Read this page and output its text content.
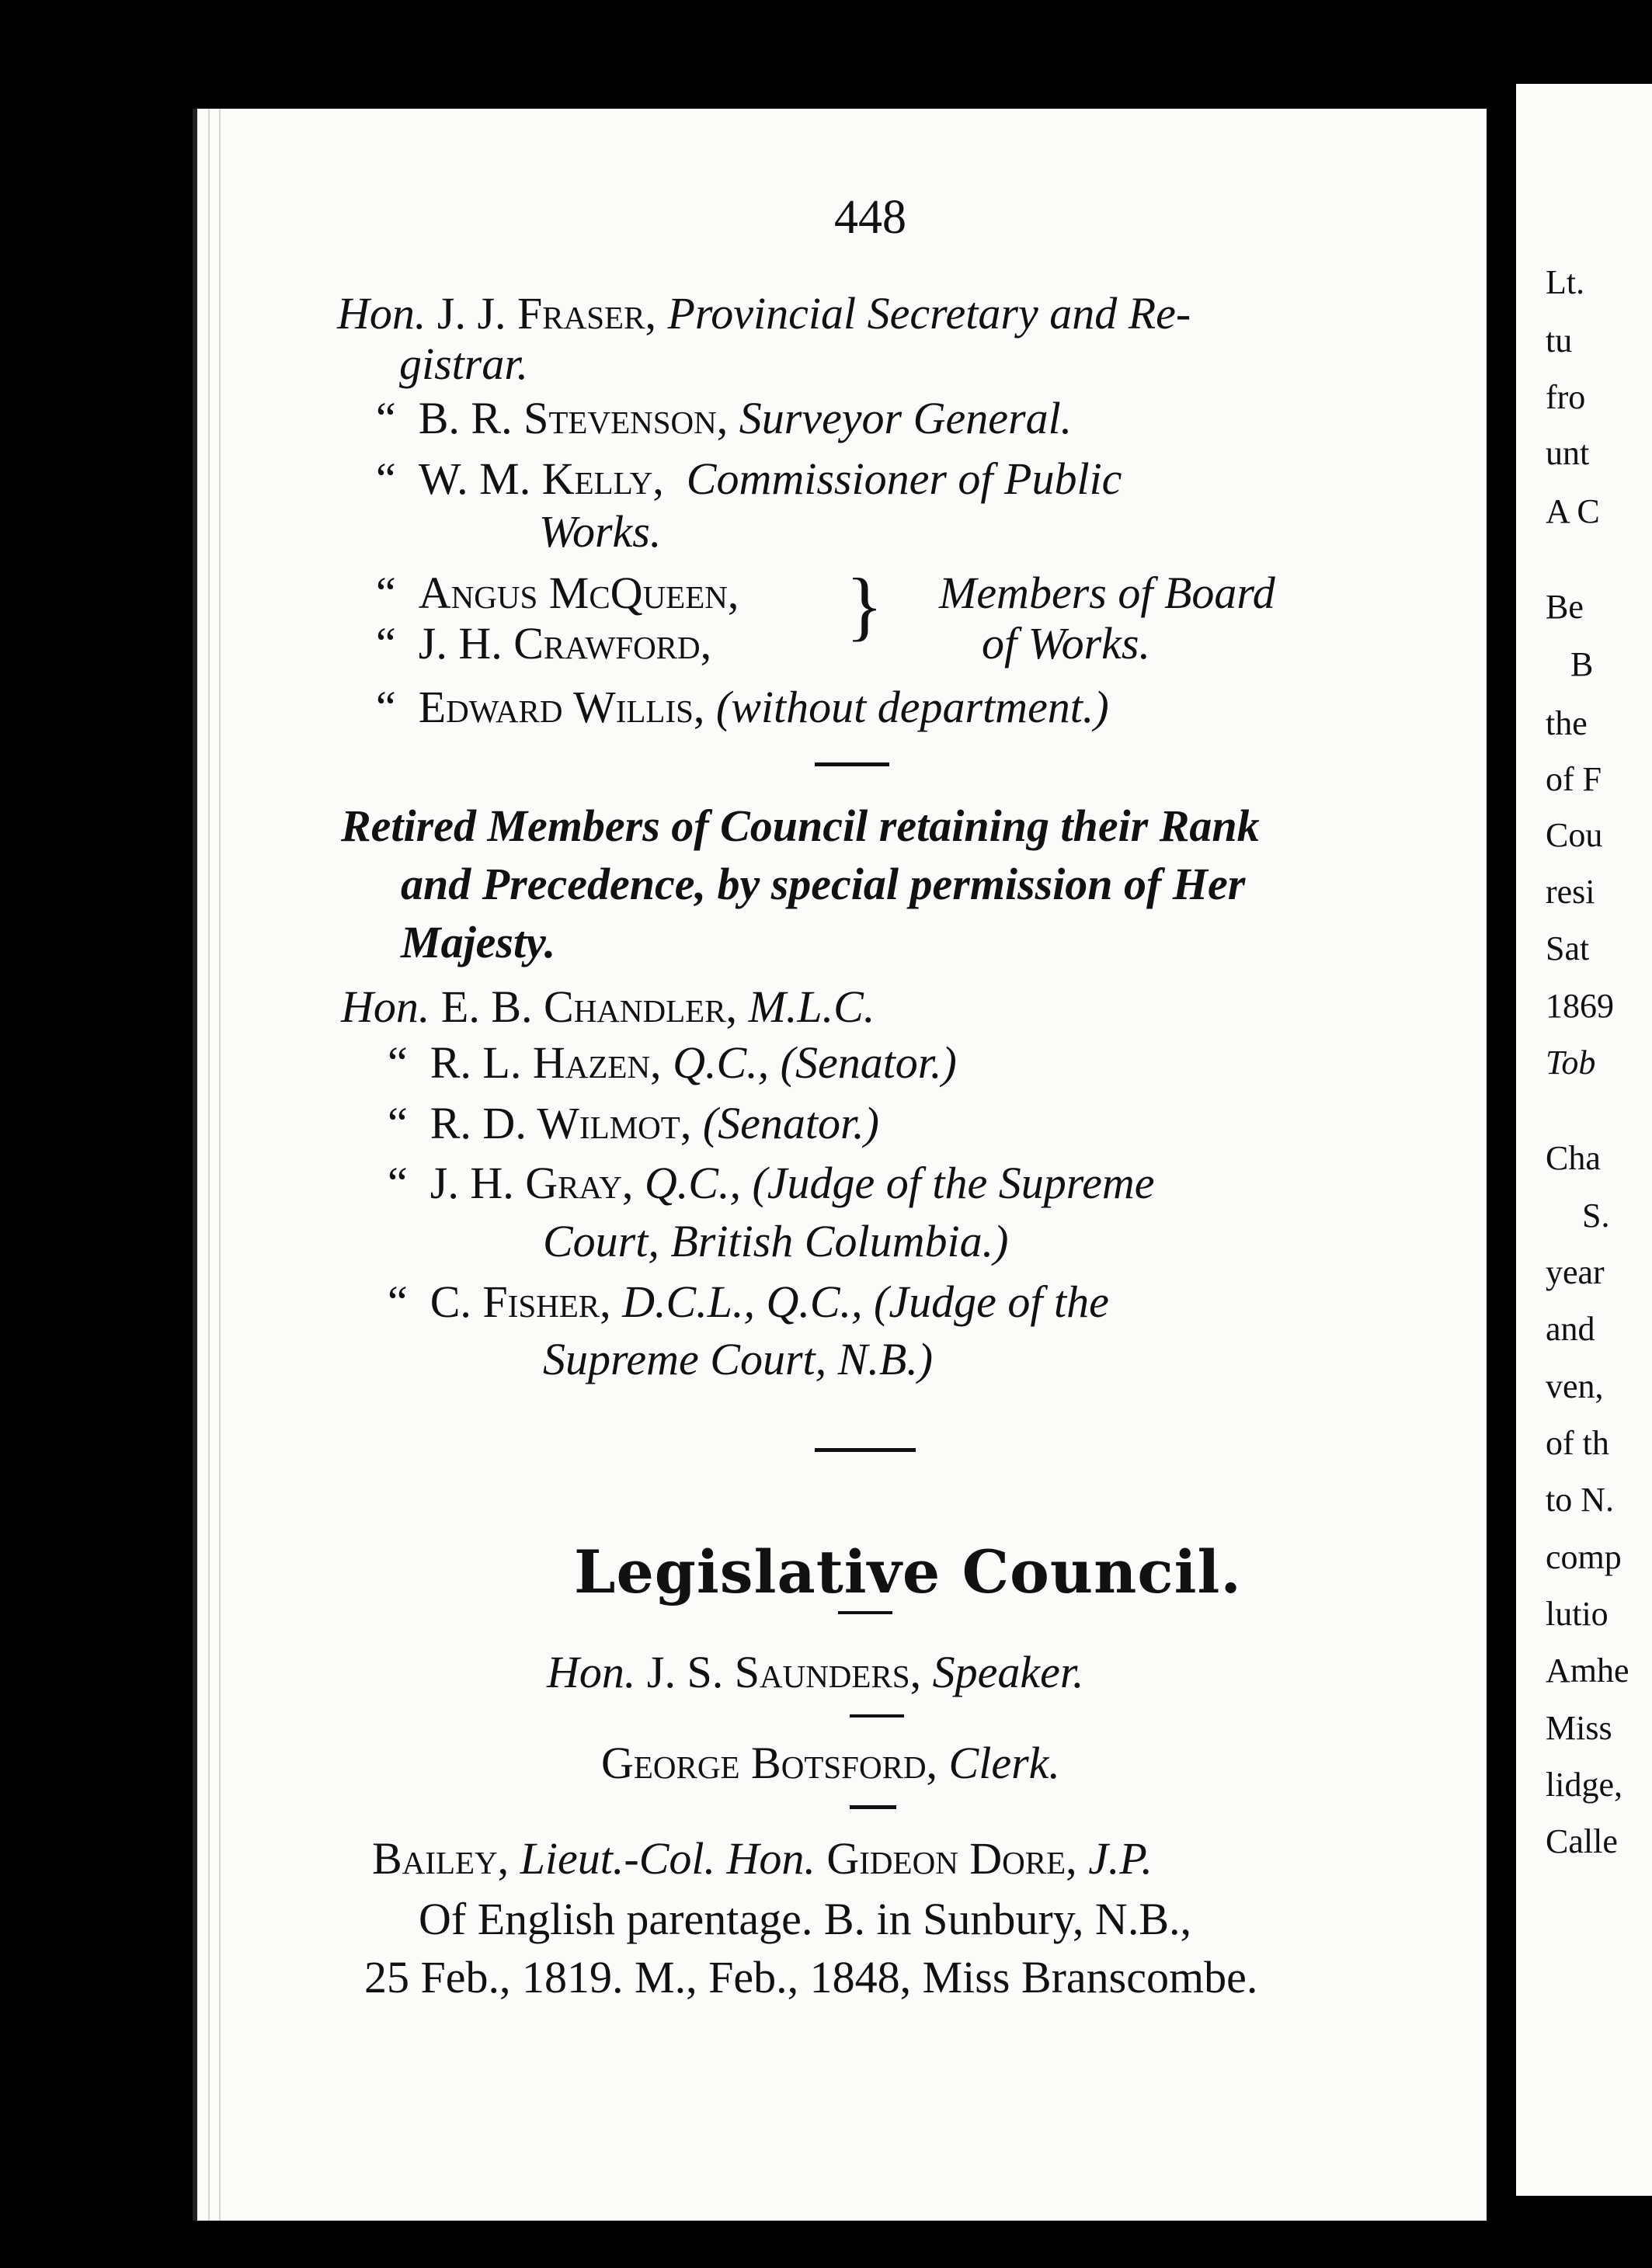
448
Hon. J. J. Fraser, Provincial Secretary and Re-
gistrar.
“ B. R. Stevenson, Surveyor General.
“ W. M. Kelly, Commissioner of Public
Works.
“ Angus McQueen,
“ J. H. Crawford, } Members of Board
of Works.
“ Edward Willis, (without department.)
Retired Members of Council retaining their Rank
and Precedence, by special permission of Her
Majesty.
Hon. E. B. Chandler, M.L.C.
“ R. L. Hazen, Q.C., (Senator.)
“ R. D. Wilmot, (Senator.)
“ J. H. Gray, Q.C., (Judge of the Supreme
Court, British Columbia.)
“ C. Fisher, D.C.L., Q.C., (Judge of the
Supreme Court, N.B.)
Legislative Council.
Hon. J. S. Saunders, Speaker.
George Botsford, Clerk.
Bailey, Lieut.-Col. Hon. Gideon Dore, J.P.
Of English parentage. B. in Sunbury, N.B.,
25 Feb., 1819. M., Feb., 1848, Miss Branscombe.
Lt.
tu
fro
unt
A C
Be
B
the
of F
Cou
resi
Sat
1869
Tob
Cha
S.
year
and
ven,
of th
to N.
comp
lutio
Amhe
Miss
lidge,
Calle
